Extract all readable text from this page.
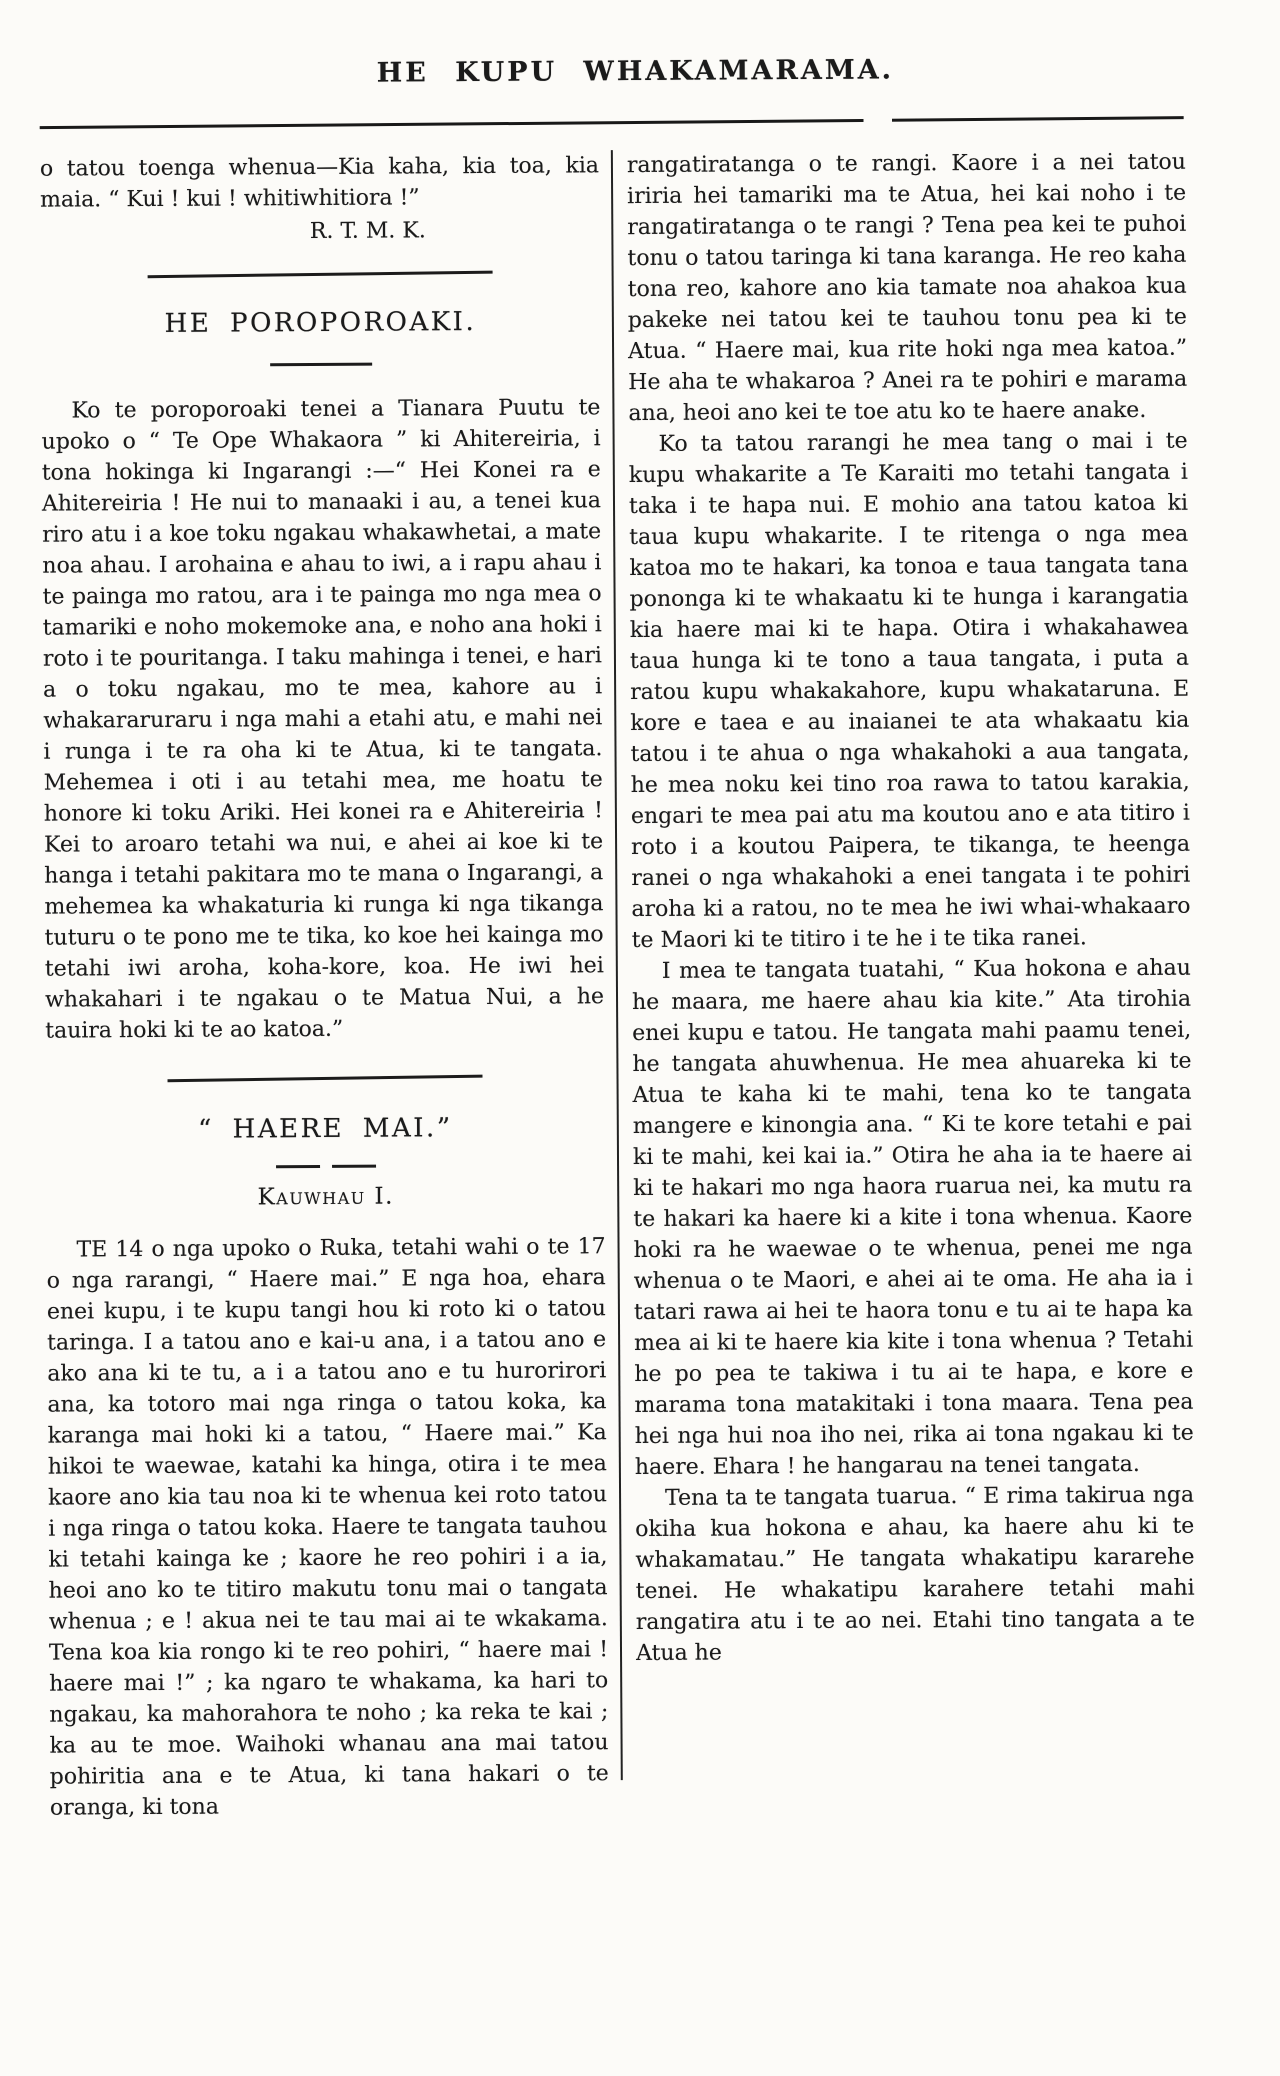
HE KUPU WHAKAMARAMA.

o tatou toenga whenua—Kia kaha, kia toa, kia maia. “ Kui ! kui ! whitiwhitiora !”

R. T. M. K.

HE POROPOROAKI.

Ko te poroporoaki tenei a Tianara Puutu te upoko o “ Te Ope Whakaora ” ki Ahitereiria, i tona hokinga ki Ingarangi :—“ Hei Konei ra e Ahitereiria ! He nui to manaaki i au, a tenei kua riro atu i a koe toku ngakau whakawhetai, a mate noa ahau. I arohaina e ahau to iwi, a i rapu ahau i te painga mo ratou, ara i te painga mo nga mea o tamariki e noho mokemoke ana, e noho ana hoki i roto i te pouritanga. I taku mahinga i tenei, e hari a o toku ngakau, mo te mea, kahore au i whakararuraru i nga mahi a etahi atu, e mahi nei i runga i te ra oha ki te Atua, ki te tangata. Mehemea i oti i au tetahi mea, me hoatu te honore ki toku Ariki. Hei konei ra e Ahitereiria ! Kei to aroaro tetahi wa nui, e ahei ai koe ki te hanga i tetahi pakitara mo te mana o Ingarangi, a mehemea ka whakaturia ki runga ki nga tikanga tuturu o te pono me te tika, ko koe hei kainga mo tetahi iwi aroha, koha-kore, koa. He iwi hei whakahari i te ngakau o te Matua Nui, a he tauira hoki ki te ao katoa.”

“ HAERE MAI.”
Kauwhau I.

TE 14 o nga upoko o Ruka, tetahi wahi o te 17 o nga rarangi, “ Haere mai.” E nga hoa, ehara enei kupu, i te kupu tangi hou ki roto ki o tatou taringa. I a tatou ano e kai-u ana, i a tatou ano e ako ana ki te tu, a i a tatou ano e tu hurorirori ana, ka totoro mai nga ringa o tatou koka, ka karanga mai hoki ki a tatou, “ Haere mai.” Ka hikoi te waewae, katahi ka hinga, otira i te mea kaore ano kia tau noa ki te whenua kei roto tatou i nga ringa o tatou koka. Haere te tangata tauhou ki tetahi kainga ke ; kaore he reo pohiri i a ia, heoi ano ko te titiro makutu tonu mai o tangata whenua ; e ! akua nei te tau mai ai te wkakama. Tena koa kia rongo ki te reo pohiri, “ haere mai ! haere mai !” ; ka ngaro te whakama, ka hari to ngakau, ka mahorahora te noho ; ka reka te kai ; ka au te moe. Waihoki whanau ana mai tatou pohiritia ana e te Atua, ki tana hakari o te oranga, ki tona

rangatiratanga o te rangi. Kaore i a nei tatou iriria hei tamariki ma te Atua, hei kai noho i te rangatiratanga o te rangi ? Tena pea kei te puhoi tonu o tatou taringa ki tana karanga. He reo kaha tona reo, kahore ano kia tamate noa ahakoa kua pakeke nei tatou kei te tauhou tonu pea ki te Atua. “ Haere mai, kua rite hoki nga mea katoa.” He aha te whakaroa ? Anei ra te pohiri e marama ana, heoi ano kei te toe atu ko te haere anake.

Ko ta tatou rarangi he mea tang o mai i te kupu whakarite a Te Karaiti mo tetahi tangata i taka i te hapa nui. E mohio ana tatou katoa ki taua kupu whakarite. I te ritenga o nga mea katoa mo te hakari, ka tonoa e taua tangata tana pononga ki te whakaatu ki te hunga i karangatia kia haere mai ki te hapa. Otira i whakahawea taua hunga ki te tono a taua tangata, i puta a ratou kupu whakakahore, kupu whakataruna. E kore e taea e au inaianei te ata whakaatu kia tatou i te ahua o nga whakahoki a aua tangata, he mea noku kei tino roa rawa to tatou karakia, engari te mea pai atu ma koutou ano e ata titiro i roto i a koutou Paipera, te tikanga, te heenga ranei o nga whakahoki a enei tangata i te pohiri aroha ki a ratou, no te mea he iwi whai-whakaaro te Maori ki te titiro i te he i te tika ranei.

I mea te tangata tuatahi, “ Kua hokona e ahau he maara, me haere ahau kia kite.” Ata tirohia enei kupu e tatou. He tangata mahi paamu tenei, he tangata ahuwhenua. He mea ahuareka ki te Atua te kaha ki te mahi, tena ko te tangata mangere e kinongia ana. “ Ki te kore tetahi e pai ki te mahi, kei kai ia.” Otira he aha ia te haere ai ki te hakari mo nga haora ruarua nei, ka mutu ra te hakari ka haere ki a kite i tona whenua. Kaore hoki ra he waewae o te whenua, penei me nga whenua o te Maori, e ahei ai te oma. He aha ia i tatari rawa ai hei te haora tonu e tu ai te hapa ka mea ai ki te haere kia kite i tona whenua ? Tetahi he po pea te takiwa i tu ai te hapa, e kore e marama tona matakitaki i tona maara. Tena pea hei nga hui noa iho nei, rika ai tona ngakau ki te haere. Ehara ! he hangarau na tenei tangata.

Tena ta te tangata tuarua. “ E rima takirua nga okiha kua hokona e ahau, ka haere ahu ki te whakamatau.” He tangata whakatipu kararehe tenei. He whakatipu karahere tetahi mahi rangatira atu i te ao nei. Etahi tino tangata a te Atua he
